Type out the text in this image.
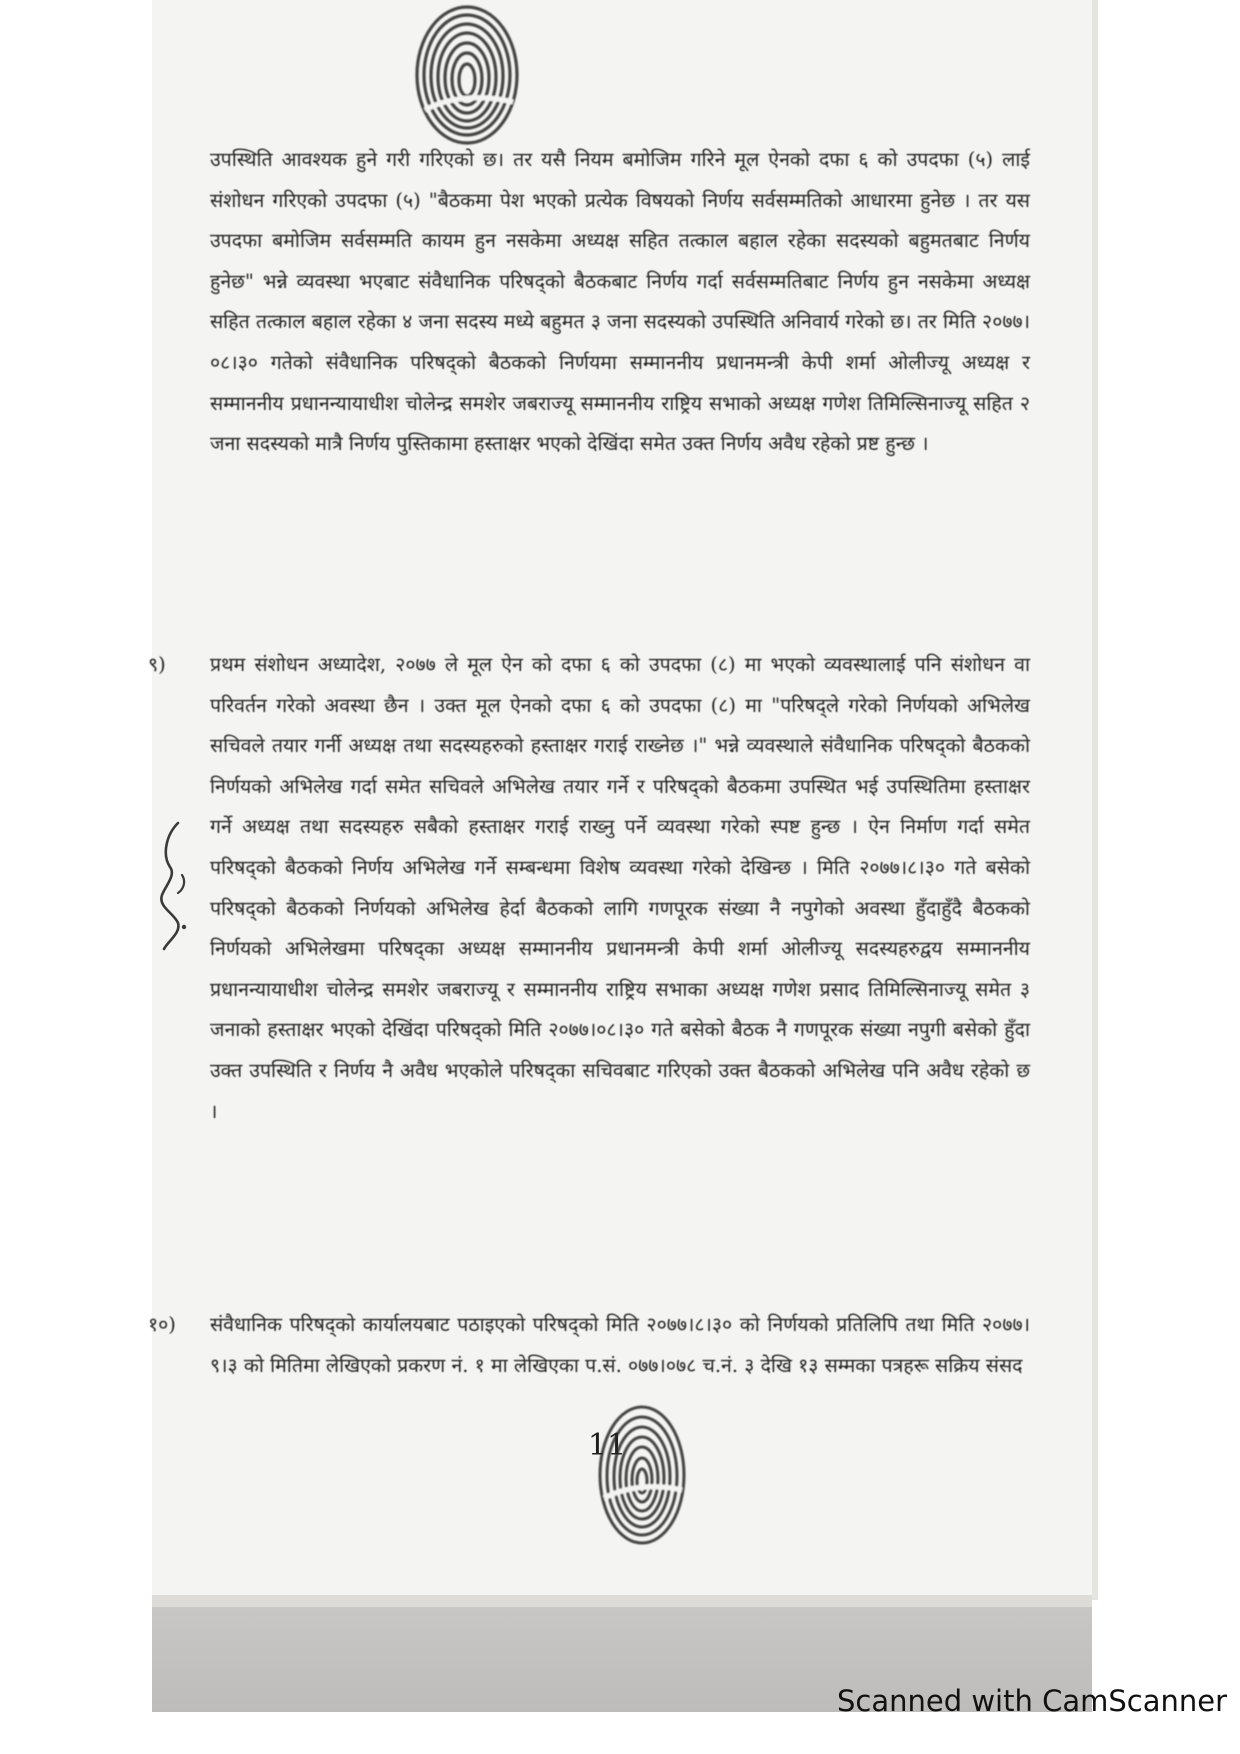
उपस्थिति आवश्यक हुने गरी गरिएको छ। तर यसै नियम बमोजिम गरिने मूल ऐनको दफा ६ को उपदफा (५) लाई संशोधन गरिएको उपदफा (५) "बैठकमा पेश भएको प्रत्येक विषयको निर्णय सर्वसम्मतिको आधारमा हुनेछ । तर यस उपदफा बमोजिम सर्वसम्मति कायम हुन नसकेमा अध्यक्ष सहित तत्काल बहाल रहेका सदस्यको बहुमतबाट निर्णय हुनेछ" भन्ने व्यवस्था भएबाट संवैधानिक परिषद्को बैठकबाट निर्णय गर्दा सर्वसम्मतिबाट निर्णय हुन नसकेमा अध्यक्ष सहित तत्काल बहाल रहेका ४ जना सदस्य मध्ये बहुमत ३ जना सदस्यको उपस्थिति अनिवार्य गरेको छ। तर मिति २०७७।०८।३० गतेको संवैधानिक परिषद्को बैठकको निर्णयमा सम्माननीय प्रधानमन्त्री केपी शर्मा ओलीज्यू अध्यक्ष र सम्माननीय प्रधानन्यायाधीश चोलेन्द्र समशेर जबराज्यू सम्माननीय राष्ट्रिय सभाको अध्यक्ष गणेश तिमिल्सिनाज्यू सहित २ जना सदस्यको मात्रै निर्णय पुस्तिकामा हस्ताक्षर भएको देखिंदा समेत उक्त निर्णय अवैध रहेको प्रष्ट हुन्छ ।
९) प्रथम संशोधन अध्यादेश, २०७७ ले मूल ऐन को दफा ६ को उपदफा (८) मा भएको व्यवस्थालाई पनि संशोधन वा परिवर्तन गरेको अवस्था छैन । उक्त मूल ऐनको दफा ६ को उपदफा (८) मा "परिषद्ले गरेको निर्णयको अभिलेख सचिवले तयार गर्नी अध्यक्ष तथा सदस्यहरुको हस्ताक्षर गराई राख्नेछ ।" भन्ने व्यवस्थाले संवैधानिक परिषद्को बैठकको निर्णयको अभिलेख गर्दा समेत सचिवले अभिलेख तयार गर्ने र परिषद्को बैठकमा उपस्थित भई उपस्थितिमा हस्ताक्षर गर्ने अध्यक्ष तथा सदस्यहरु सबैको हस्ताक्षर गराई राख्नु पर्ने व्यवस्था गरेको स्पष्ट हुन्छ । ऐन निर्माण गर्दा समेत परिषद्को बैठकको निर्णय अभिलेख गर्ने सम्बन्धमा विशेष व्यवस्था गरेको देखिन्छ । मिति २०७७।८।३० गते बसेको परिषद्को बैठकको निर्णयको अभिलेख हेर्दा बैठकको लागि गणपूरक संख्या नै नपुगेको अवस्था हुँदाहुँदै बैठकको निर्णयको अभिलेखमा परिषद्का अध्यक्ष सम्माननीय प्रधानमन्त्री केपी शर्मा ओलीज्यू सदस्यहरुद्वय सम्माननीय प्रधानन्यायाधीश चोलेन्द्र समशेर जबराज्यू र सम्माननीय राष्ट्रिय सभाका अध्यक्ष गणेश प्रसाद तिमिल्सिनाज्यू समेत ३ जनाको हस्ताक्षर भएको देखिंदा परिषद्को मिति २०७७।०८।३० गते बसेको बैठक नै गणपूरक संख्या नपुगी बसेको हुँदा उक्त उपस्थिति र निर्णय नै अवैध भएकोले परिषद्का सचिवबाट गरिएको उक्त बैठकको अभिलेख पनि अवैध रहेको छ ।
१०) संवैधानिक परिषद्को कार्यालयबाट पठाइएको परिषद्को मिति २०७७।८।३० को निर्णयको प्रतिलिपि तथा मिति २०७७।९।३ को मितिमा लेखिएको प्रकरण नं. १ मा लेखिएका प.सं. ०७७।०७८ च.नं. ३ देखि १३ सम्मका पत्रहरू सक्रिय संसद
11
Scanned with CamScanner
